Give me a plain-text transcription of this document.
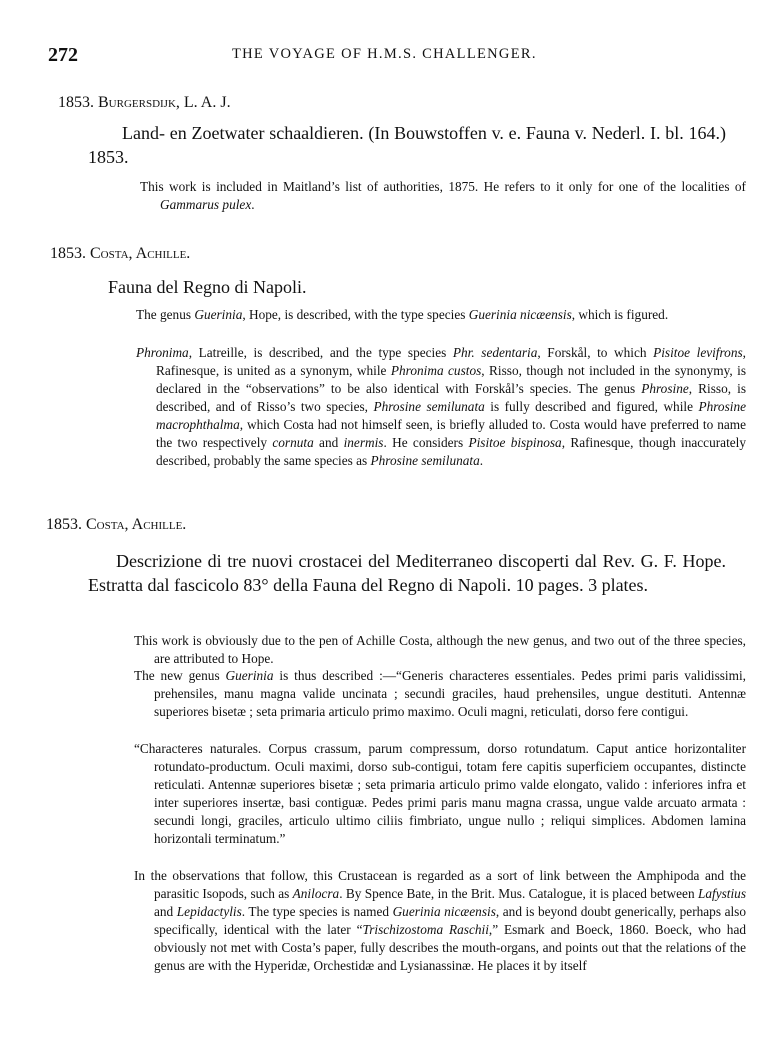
272	THE VOYAGE OF H.M.S. CHALLENGER.
1853. Burgersdijk, L. A. J.
Land- en Zoetwater schaaldieren. (In Bouwstoffen v. e. Fauna v. Nederl. I. bl. 164.) 1853.
This work is included in Maitland’s list of authorities, 1875. He refers to it only for one of the localities of Gammarus pulex.
1853. Costa, Achille.
Fauna del Regno di Napoli.
The genus Guerinia, Hope, is described, with the type species Guerinia nicæensis, which is figured.
Phronima, Latreille, is described, and the type species Phr. sedentaria, Forskål, to which Pisitoe levifrons, Rafinesque, is united as a synonym, while Phronima custos, Risso, though not included in the synonymy, is declared in the “observations” to be also identical with Forskål’s species. The genus Phrosine, Risso, is described, and of Risso’s two species, Phrosine semilunata is fully described and figured, while Phrosine macrophthalma, which Costa had not himself seen, is briefly alluded to. Costa would have preferred to name the two respectively cornuta and inermis. He considers Pisitoe bispinosa, Rafinesque, though inaccurately described, probably the same species as Phrosine semilunata.
1853. Costa, Achille.
Descrizione di tre nuovi crostacei del Mediterraneo discoperti dal Rev. G. F. Hope. Estratta dal fascicolo 83° della Fauna del Regno di Napoli. 10 pages. 3 plates.
This work is obviously due to the pen of Achille Costa, although the new genus, and two out of the three species, are attributed to Hope.
The new genus Guerinia is thus described :—“Generis characteres essentiales. Pedes primi paris validissimi, prehensiles, manu magna valide uncinata ; secundi graciles, haud prehensiles, ungue destituti. Antennæ superiores bisetæ ; seta primaria articulo primo maximo. Oculi magni, reticulati, dorso fere contigui.
“Characteres naturales. Corpus crassum, parum compressum, dorso rotundatum. Caput antice horizontaliter rotundato-productum. Oculi maximi, dorso sub-contigui, totam fere capitis superficiem occupantes, distincte reticulati. Antennæ superiores bisetæ ; seta primaria articulo primo valde elongato, valido : inferiores infra et inter superiores insertæ, basi contiguæ. Pedes primi paris manu magna crassa, ungue valde arcuato armata : secundi longi, graciles, articulo ultimo ciliis fimbriato, ungue nullo ; reliqui simplices. Abdomen lamina horizontali terminatum.”
In the observations that follow, this Crustacean is regarded as a sort of link between the Amphipoda and the parasitic Isopods, such as Anilocra. By Spence Bate, in the Brit. Mus. Catalogue, it is placed between Lafystius and Lepidactylis. The type species is named Guerinia nicæensis, and is beyond doubt generically, perhaps also specifically, identical with the later “Trischizostoma Raschii,” Esmark and Boeck, 1860. Boeck, who had obviously not met with Costa’s paper, fully describes the mouth-organs, and points out that the relations of the genus are with the Hyperidæ, Orchestidæ and Lysianassinæ. He places it by itself
